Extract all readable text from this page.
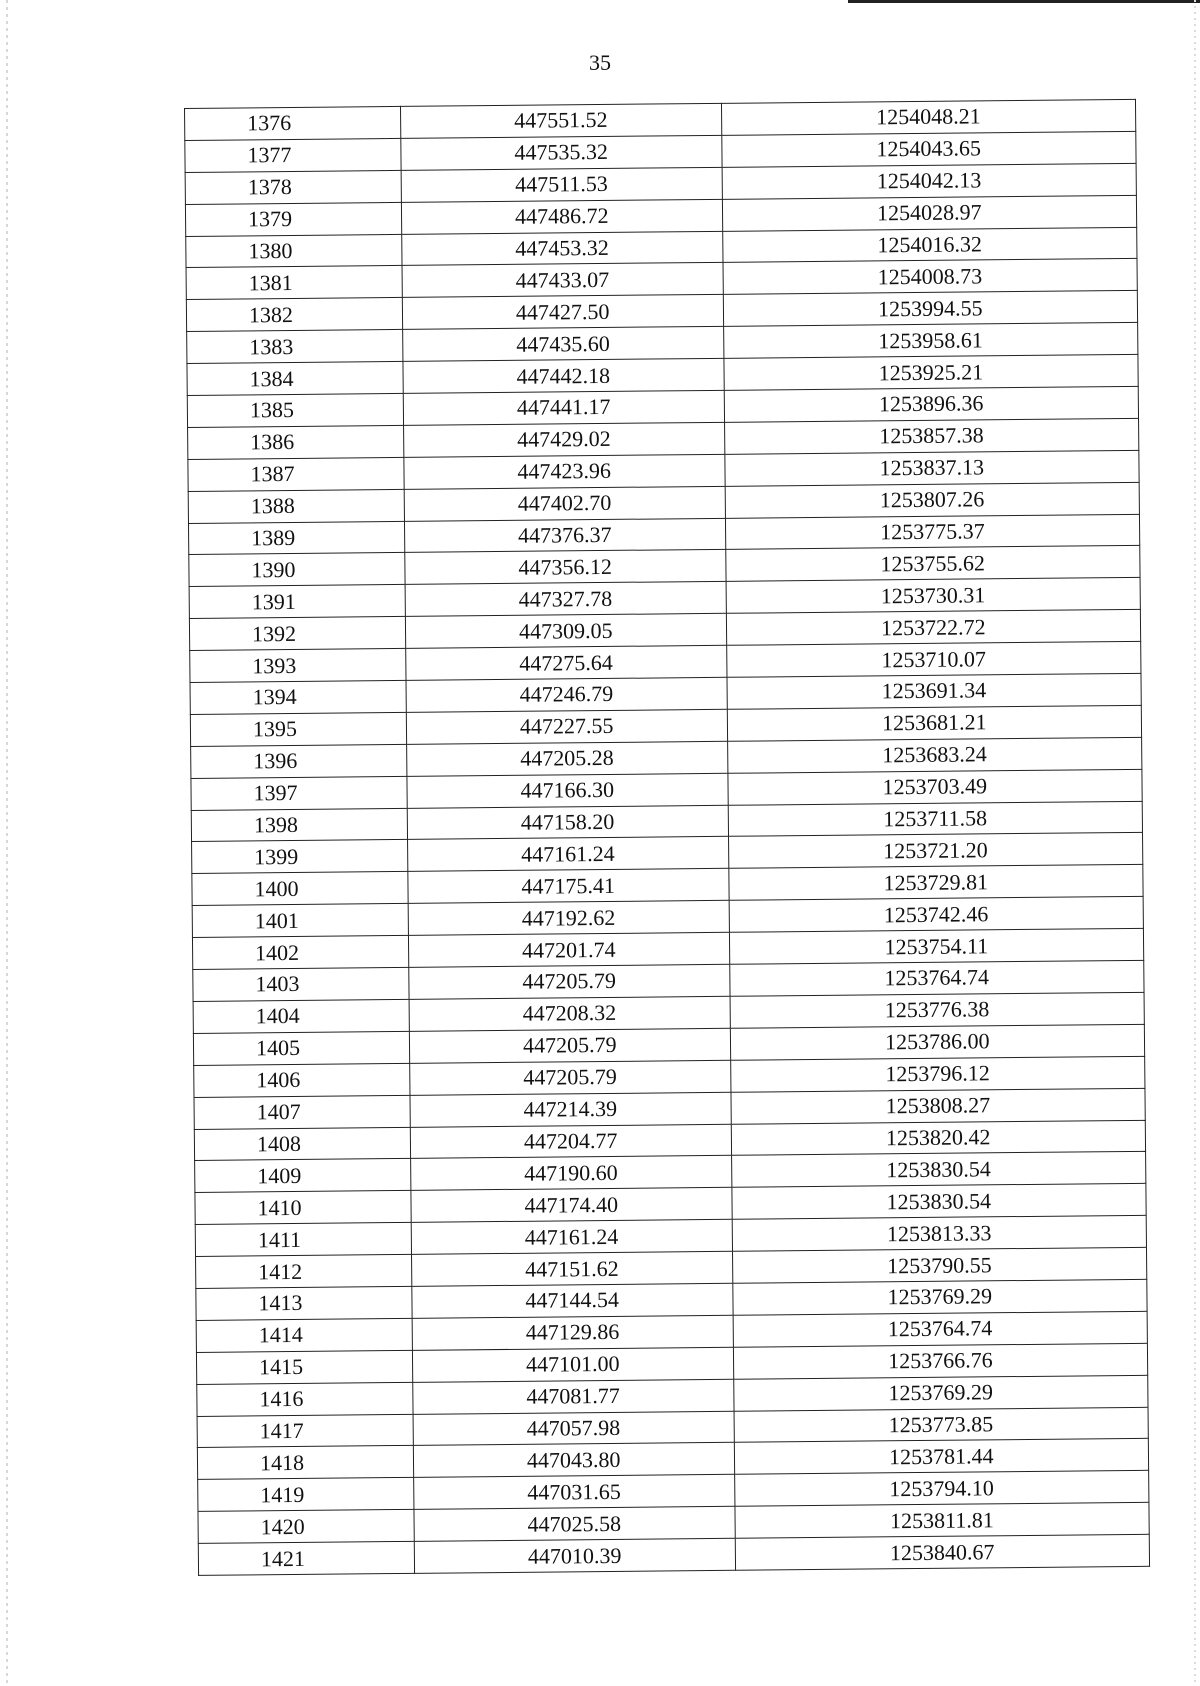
35
1376	447551.52	1254048.21
1377	447535.32	1254043.65
1378	447511.53	1254042.13
1379	447486.72	1254028.97
1380	447453.32	1254016.32
1381	447433.07	1254008.73
1382	447427.50	1253994.55
1383	447435.60	1253958.61
1384	447442.18	1253925.21
1385	447441.17	1253896.36
1386	447429.02	1253857.38
1387	447423.96	1253837.13
1388	447402.70	1253807.26
1389	447376.37	1253775.37
1390	447356.12	1253755.62
1391	447327.78	1253730.31
1392	447309.05	1253722.72
1393	447275.64	1253710.07
1394	447246.79	1253691.34
1395	447227.55	1253681.21
1396	447205.28	1253683.24
1397	447166.30	1253703.49
1398	447158.20	1253711.58
1399	447161.24	1253721.20
1400	447175.41	1253729.81
1401	447192.62	1253742.46
1402	447201.74	1253754.11
1403	447205.79	1253764.74
1404	447208.32	1253776.38
1405	447205.79	1253786.00
1406	447205.79	1253796.12
1407	447214.39	1253808.27
1408	447204.77	1253820.42
1409	447190.60	1253830.54
1410	447174.40	1253830.54
1411	447161.24	1253813.33
1412	447151.62	1253790.55
1413	447144.54	1253769.29
1414	447129.86	1253764.74
1415	447101.00	1253766.76
1416	447081.77	1253769.29
1417	447057.98	1253773.85
1418	447043.80	1253781.44
1419	447031.65	1253794.10
1420	447025.58	1253811.81
1421	447010.39	1253840.67
